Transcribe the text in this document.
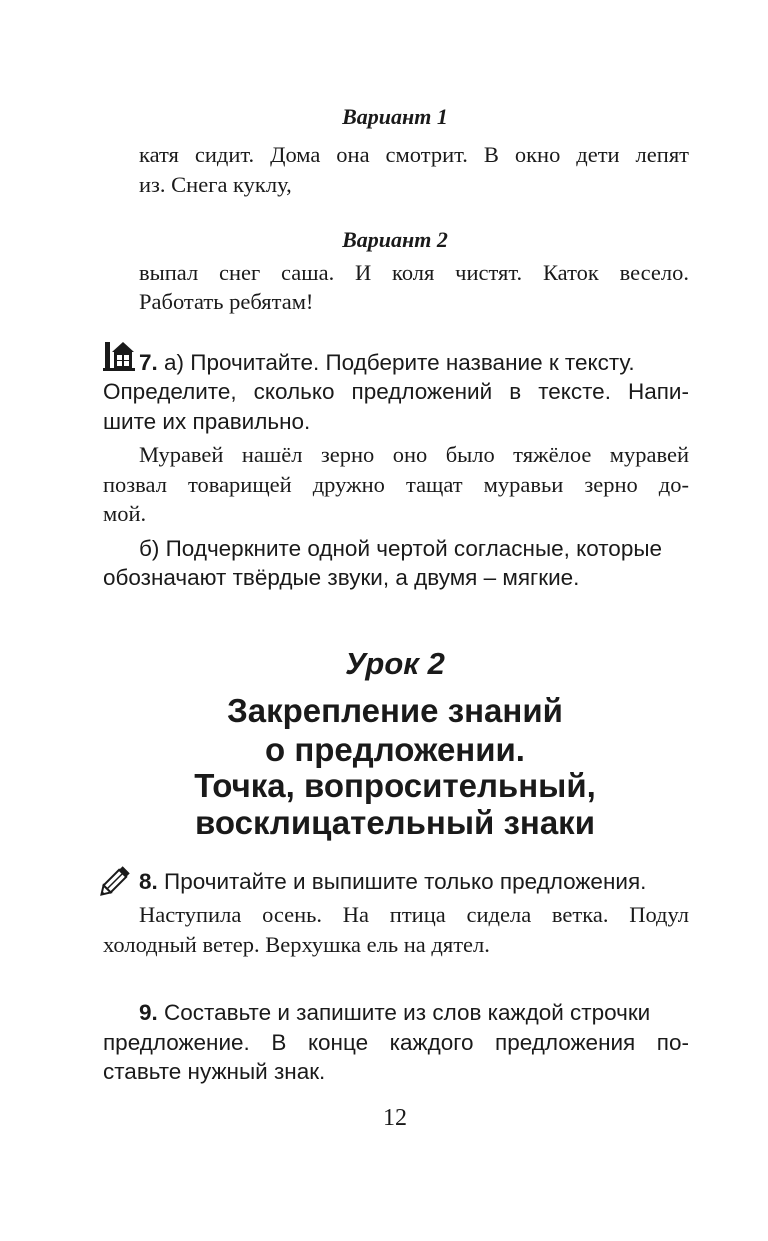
Вариант 1
катя сидит. Дома она смотрит. В окно дети лепят
из. Снега куклу,
Вариант 2
выпал снег саша. И коля чистят. Каток весело.
Работать ребятам!
7. а) Прочитайте. Подберите название к тексту.
Определите, сколько предложений в тексте. Напи-
шите их правильно.
Муравей нашёл зерно оно было тяжёлое муравей
позвал товарищей дружно тащат муравьи зерно до-
мой.
б) Подчеркните одной чертой согласные, которые
обозначают твёрдые звуки, а двумя – мягкие.
Урок 2
Закрепление знаний
о предложении.
Точка, вопросительный,
восклицательный знаки
8. Прочитайте и выпишите только предложения.
Наступила осень. На птица сидела ветка. Подул
холодный ветер. Верхушка ель на дятел.
9. Составьте и запишите из слов каждой строчки
предложение. В конце каждого предложения по-
ставьте нужный знак.
12
